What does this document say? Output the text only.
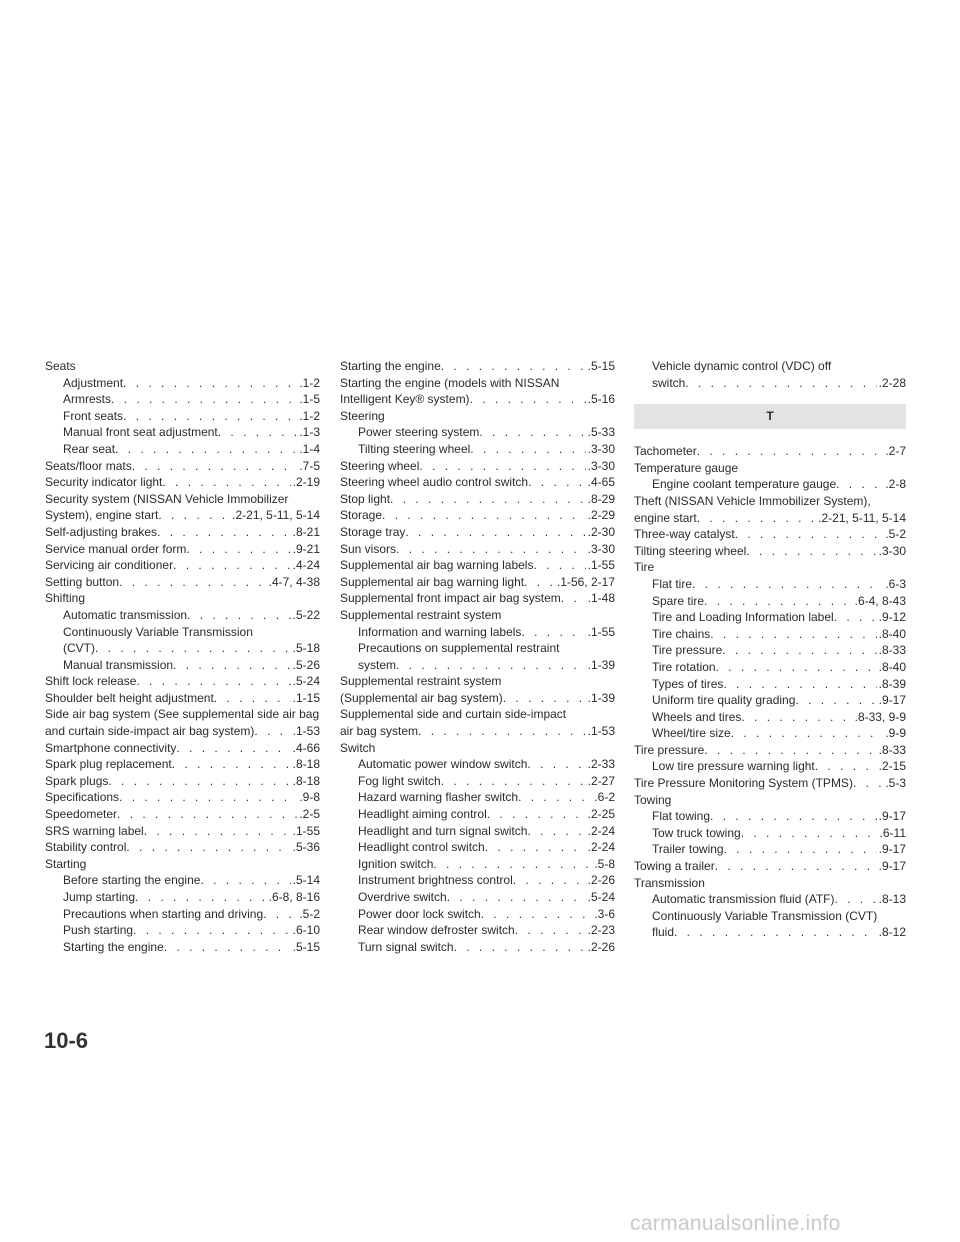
Seats
Adjustment . . .	.1-2
Armrests . . .	.1-5
Front seats . . .	.1-2
Manual front seat adjustment . . .	.1-3
Rear seat . . .	.1-4
Seats/floor mats . . .	.7-5
Security indicator light . . .	.2-19
Security system (NISSAN Vehicle Immobilizer
System), engine start . . .	.2-21, 5-11, 5-14
Self-adjusting brakes . . .	.8-21
Service manual order form . . .	.9-21
Servicing air conditioner . . .	.4-24
Setting button . . .	.4-7, 4-38
Shifting
Automatic transmission . . .	.5-22
Continuously Variable Transmission
(CVT) . . .	.5-18
Manual transmission . . .	.5-26
Shift lock release . . .	.5-24
Shoulder belt height adjustment . . .	.1-15
Side air bag system (See supplemental side air bag
and curtain side-impact air bag system) . . .	.1-53
Smartphone connectivity . . .	.4-66
Spark plug replacement . . .	.8-18
Spark plugs . . .	.8-18
Specifications . . .	.9-8
Speedometer . . .	.2-5
SRS warning label . . .	.1-55
Stability control . . .	.5-36
Starting
Before starting the engine . . .	.5-14
Jump starting . . .	.6-8, 8-16
Precautions when starting and driving . . .	.5-2
Push starting . . .	.6-10
Starting the engine . . .	.5-15
Starting the engine . . .	.5-15
Starting the engine (models with NISSAN
Intelligent Key® system) . . .	.5-16
Steering
Power steering system . . .	.5-33
Tilting steering wheel . . .	.3-30
Steering wheel . . .	.3-30
Steering wheel audio control switch . . .	.4-65
Stop light . . .	.8-29
Storage . . .	.2-29
Storage tray . . .	.2-30
Sun visors . . .	.3-30
Supplemental air bag warning labels . . .	.1-55
Supplemental air bag warning light . . .	.1-56, 2-17
Supplemental front impact air bag system . . . .1-48
Supplemental restraint system
Information and warning labels . . .	.1-55
Precautions on supplemental restraint
system . . .	.1-39
Supplemental restraint system
(Supplemental air bag system) . . .	.1-39
Supplemental side and curtain side-impact
air bag system . . .	.1-53
Switch
Automatic power window switch . . .	.2-33
Fog light switch . . .	.2-27
Hazard warning flasher switch . . .	.6-2
Headlight aiming control . . .	.2-25
Headlight and turn signal switch . . .	.2-24
Headlight control switch . . .	.2-24
Ignition switch . . .	.5-8
Instrument brightness control . . .	.2-26
Overdrive switch . . .	.5-24
Power door lock switch . . .	.3-6
Rear window defroster switch . . .	.2-23
Turn signal switch . . .	.2-26
Vehicle dynamic control (VDC) off
switch . . .	.2-28
T
Tachometer . . .	.2-7
Temperature gauge
Engine coolant temperature gauge . . .	.2-8
Theft (NISSAN Vehicle Immobilizer System),
engine start . . .	.2-21, 5-11, 5-14
Three-way catalyst . . .	.5-2
Tilting steering wheel . . .	.3-30
Tire
Flat tire . . .	.6-3
Spare tire . . .	.6-4, 8-43
Tire and Loading Information label . . .	.9-12
Tire chains . . .	.8-40
Tire pressure . . .	.8-33
Tire rotation . . .	.8-40
Types of tires . . .	.8-39
Uniform tire quality grading . . .	.9-17
Wheels and tires . . .	.8-33, 9-9
Wheel/tire size . . .	.9-9
Tire pressure . . .	.8-33
Low tire pressure warning light . . .	.2-15
Tire Pressure Monitoring System (TPMS) . . .	.5-3
Towing
Flat towing . . .	.9-17
Tow truck towing . . .	.6-11
Trailer towing . . .	.9-17
Towing a trailer . . .	.9-17
Transmission
Automatic transmission fluid (ATF) . . .	.8-13
Continuously Variable Transmission (CVT)
fluid . . .	.8-12
10-6
carmanualsonline.info
